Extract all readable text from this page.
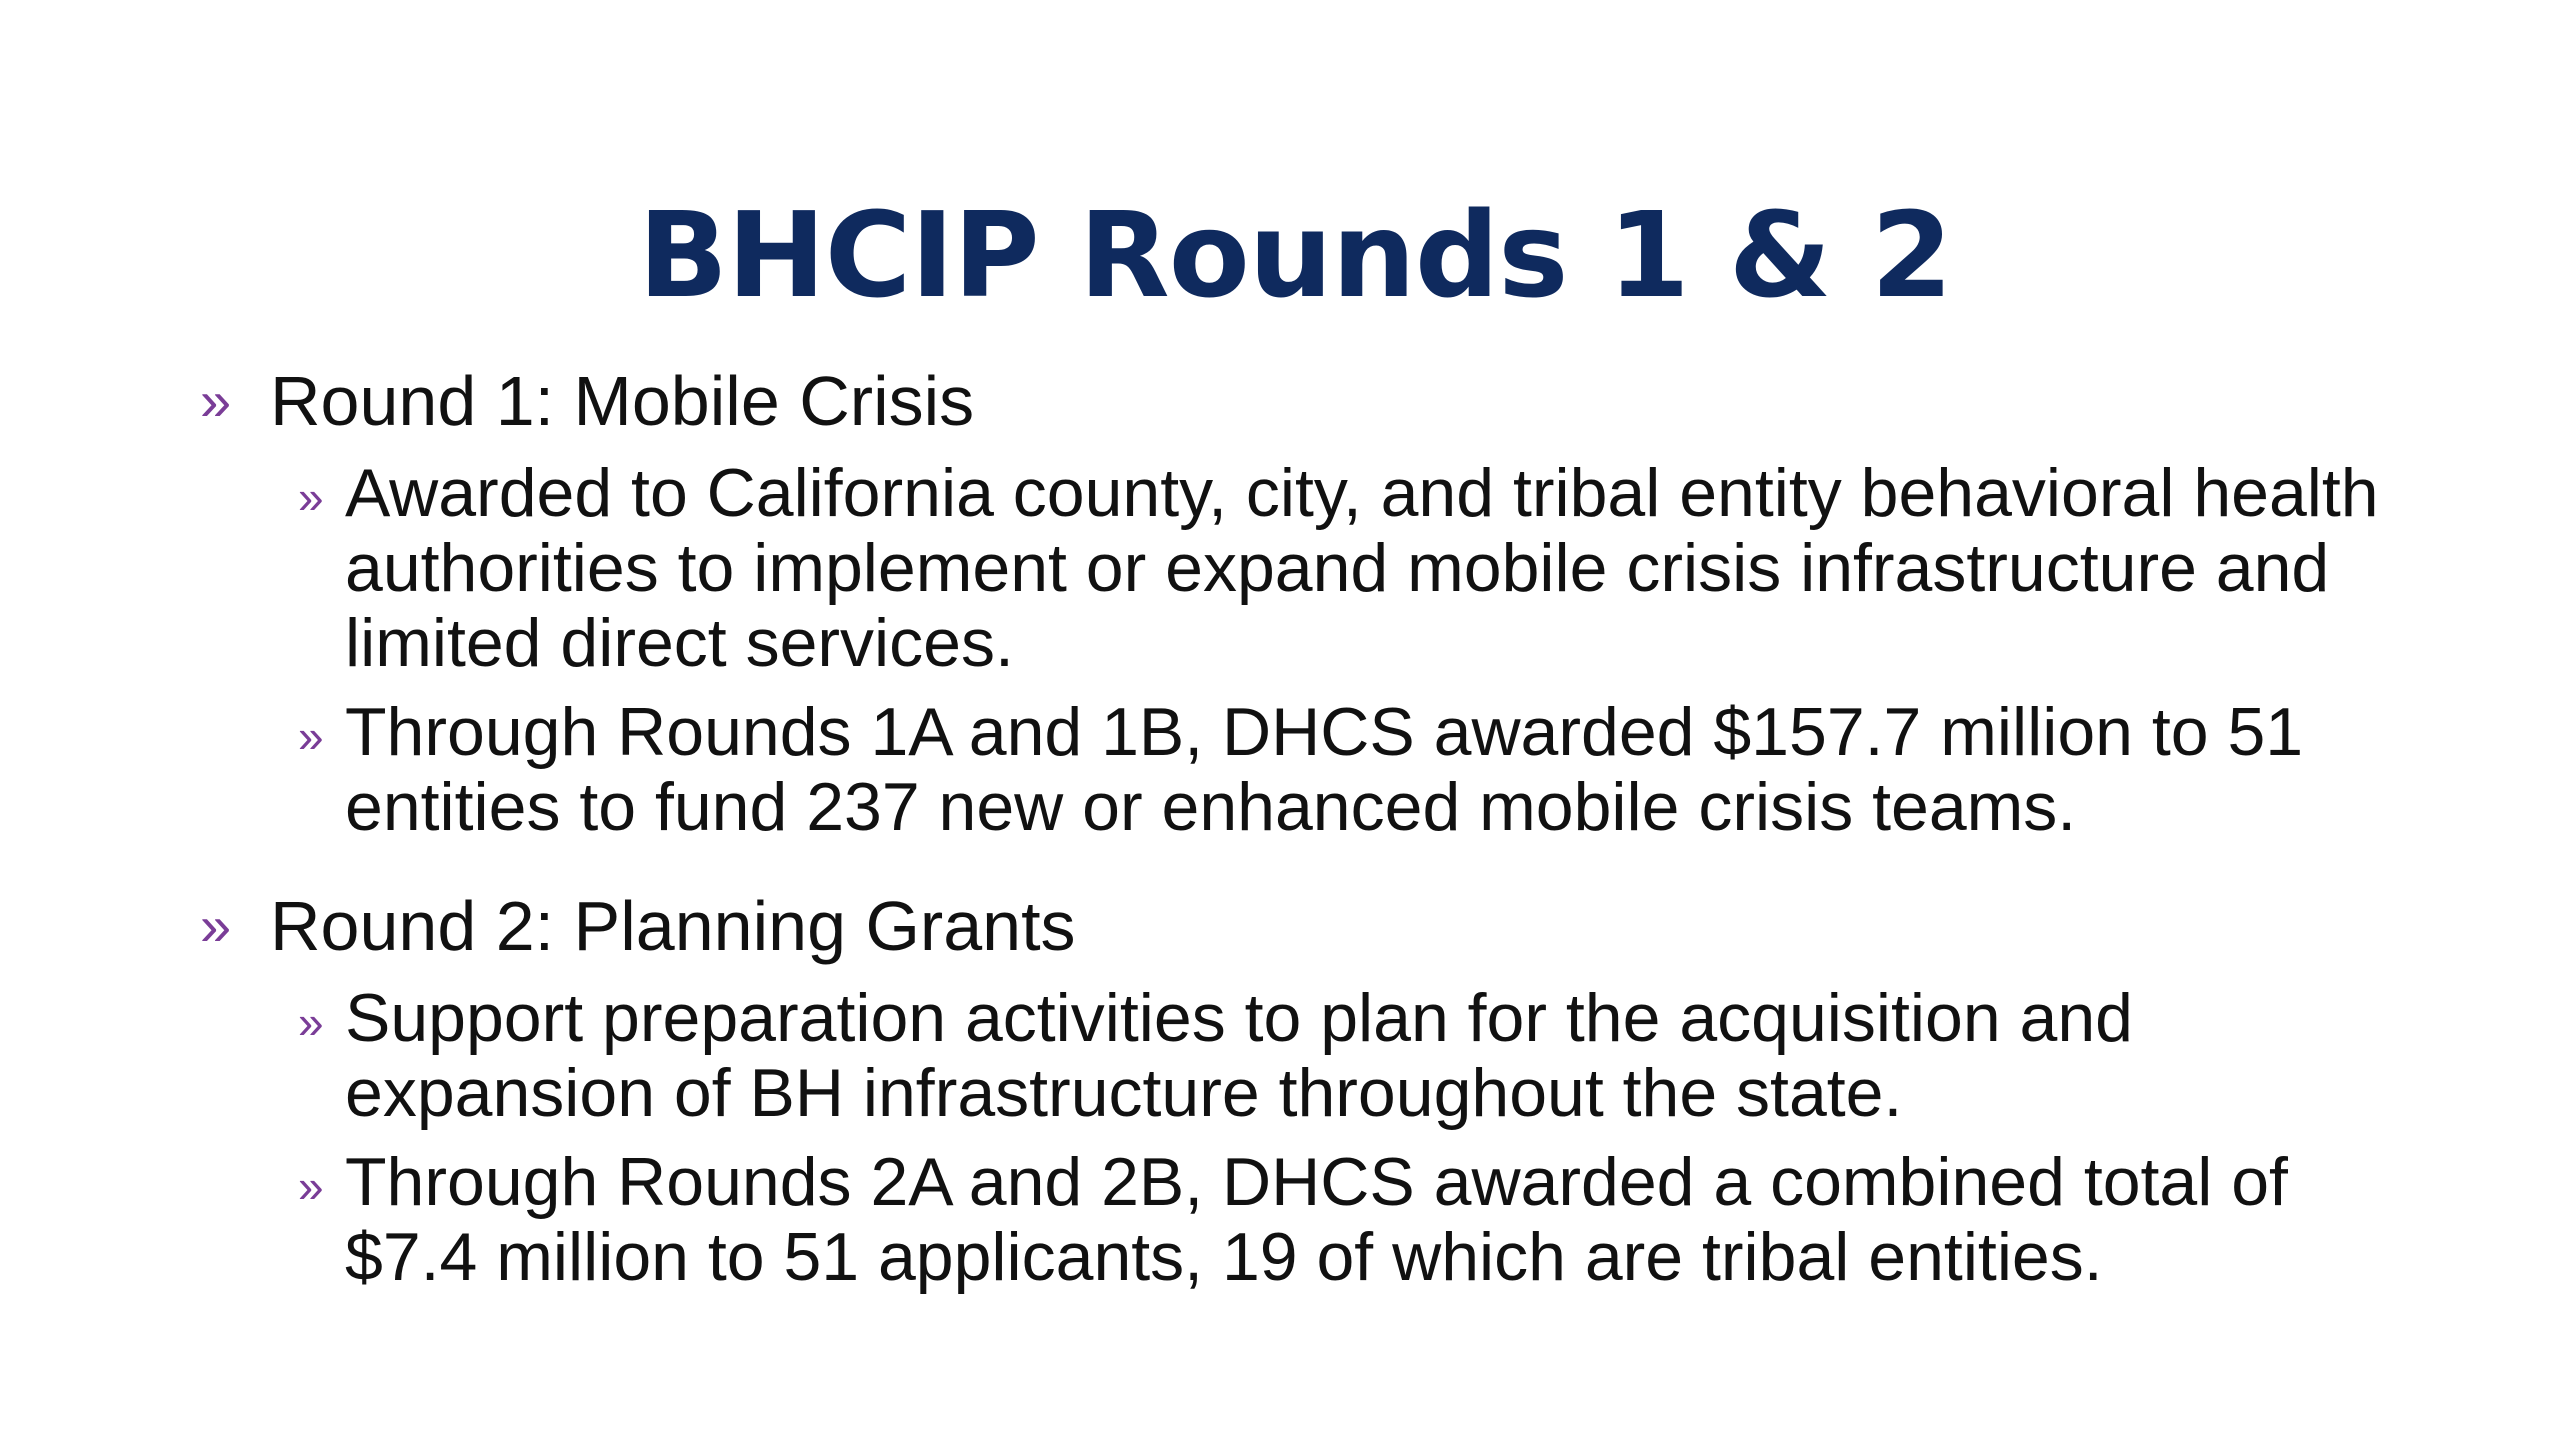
BHCIP Rounds 1 & 2

» Round 1: Mobile Crisis

» Awarded to California county, city, and tribal entity behavioral health authorities to implement or expand mobile crisis infrastructure and limited direct services.

» Through Rounds 1A and 1B, DHCS awarded $157.7 million to 51 entities to fund 237 new or enhanced mobile crisis teams.

» Round 2: Planning Grants

» Support preparation activities to plan for the acquisition and expansion of BH infrastructure throughout the state.

» Through Rounds 2A and 2B, DHCS awarded a combined total of $7.4 million to 51 applicants, 19 of which are tribal entities.
